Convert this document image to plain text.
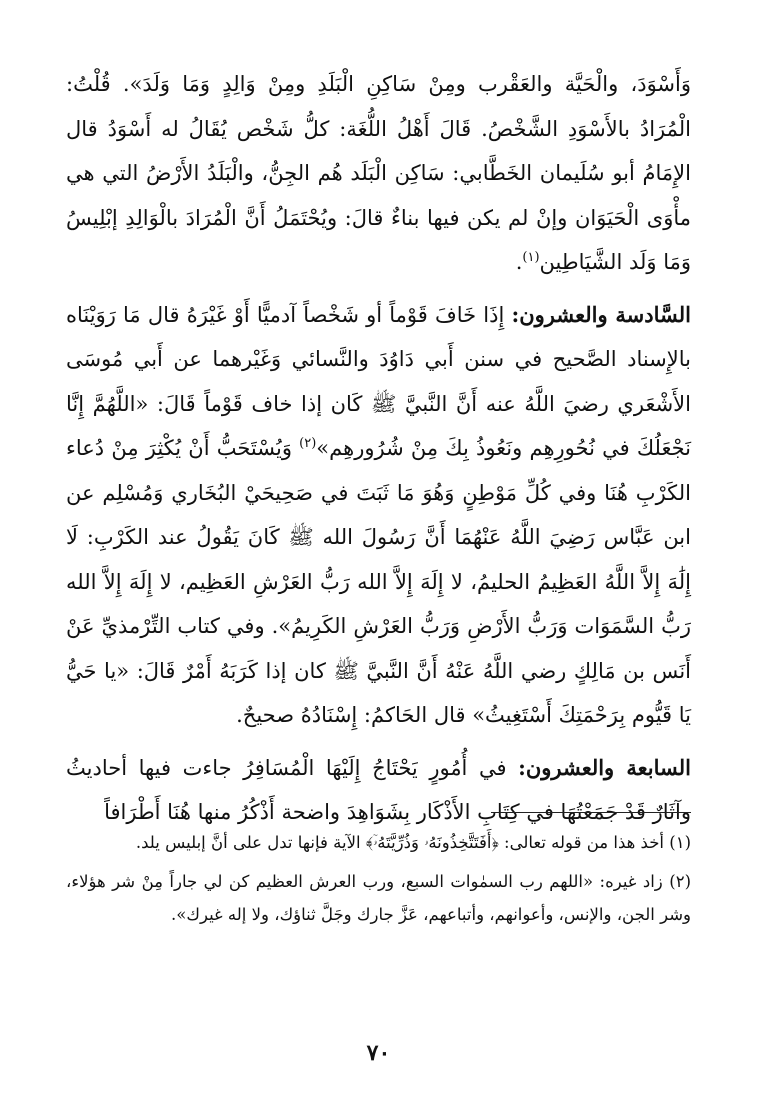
وَأَسْوَدَ، والْحَيَّة والعَقْرب ومِنْ سَاكِنِ الْبَلَدِ ومِنْ وَالِدٍ وَمَا وَلَدَ». قُلْتُ: الْمُرَادُ بالأَسْوَدِ الشَّخْصُ. قَالَ أَهْلُ اللُّغَة: كلُّ شَخْص يُقَالُ له أَسْوَدُ قال الإِمَامُ أبو سُلَيمان الخَطَّابي: سَاكِن الْبَلَد هُم الجِنُّ، والْبَلَدُ الأَرْضُ التي هي مأْوَى الْحَيَوَان وإنْ لم يكن فيها بناءٌ قالَ: ويُحْتَمَلُ أَنَّ الْمُرَادَ بالْوَالِدِ إبْلِيسُ وَمَا وَلَد الشَّيَاطِين$^{(١)}$.

السَّادسة والعشرون: إِذَا خَافَ قَوْماً أو شَخْصاً آدميًّا أَوْ غَيْرَهُ قال مَا رَوَيْنَاه بالإِسناد الصَّحيح في سنن أَبي دَاوُدَ والنَّسائي وَغَيْرهما عن أَبي مُوسَى الأَشْعَري رضيَ اللَّهُ عنه أَنَّ النَّبيَّ ﷺ كَان إذا خاف قَوْماً قَالَ: «اللَّهُمَّ إِنَّا نَجْعَلُكَ في نُحُورِهِم ونَعُوذُ بِكَ مِنْ شُرُورهِم»$^{(٢)}$ وَيُسْتَحَبُّ أَنْ يُكْثِرَ مِنْ دُعاء الكَرْبِ هُنَا وفي كُلِّ مَوْطِنٍ وَهُوَ مَا ثَبَتَ في صَحِيحَيْ البُخَاري وَمُسْلِم عن ابن عَبَّاس رَضِيَ اللَّهُ عَنْهُمَا أَنَّ رَسُولَ الله ﷺ كَانَ يَقُولُ عند الكَرْبِ: لَا إِلَٰهَ إِلاَّ اللَّهُ العَظِيمُ الحليمُ، لا إِلَهَ إِلاَّ الله رَبُّ العَرْشِ العَظِيم، لا إِلَهَ إِلاَّ الله رَبُّ السَّمَوَات وَرَبُّ الأَرْضِ وَرَبُّ العَرْشِ الكَرِيمُ». وفي كتاب التِّرْمذيِّ عَنْ أَنَس بن مَالِكٍ رضي اللَّهُ عَنْهُ أَنَّ النَّبيَّ ﷺ كان إذا كَرَبَهُ أَمْرٌ قَالَ: «يا حَيُّ يَا قَيُّوم بِرَحْمَتِكَ أَسْتَغِيثُ» قال الحَاكمُ: إِسْنَادُهُ صحيحٌ.

السابعة والعشرون: في أُمُورٍ يَحْتَاجُ إِلَيْهَا الْمُسَافِرُ جاءت فيها أحاديثُ وآثَارٌ قَدْ جَمَعْتُهَا في كِتَابِ الأَذْكَار بِشَوَاهِدَ واضحة أَذْكُرُ منها هُنَا أَطْرَافاً

(١) أخذ هذا من قوله تعالى: ﴿أَفَتَتَّخِذُونَهُۥ وَذُرِّيَّتَهُۥٓ﴾ الآية فإنها تدل على أنَّ إبليس يلد.

(٢) زاد غيره: «اللهم رب السمٰوات السبع، ورب العرش العظيم كن لي جاراً مِنْ شر هؤلاء، وشر الجن، والإنس، وأعوانهم، وأتباعهم، عَزَّ جارك وجَلَّ ثناؤك، ولا إله غيرك».

٧٠
